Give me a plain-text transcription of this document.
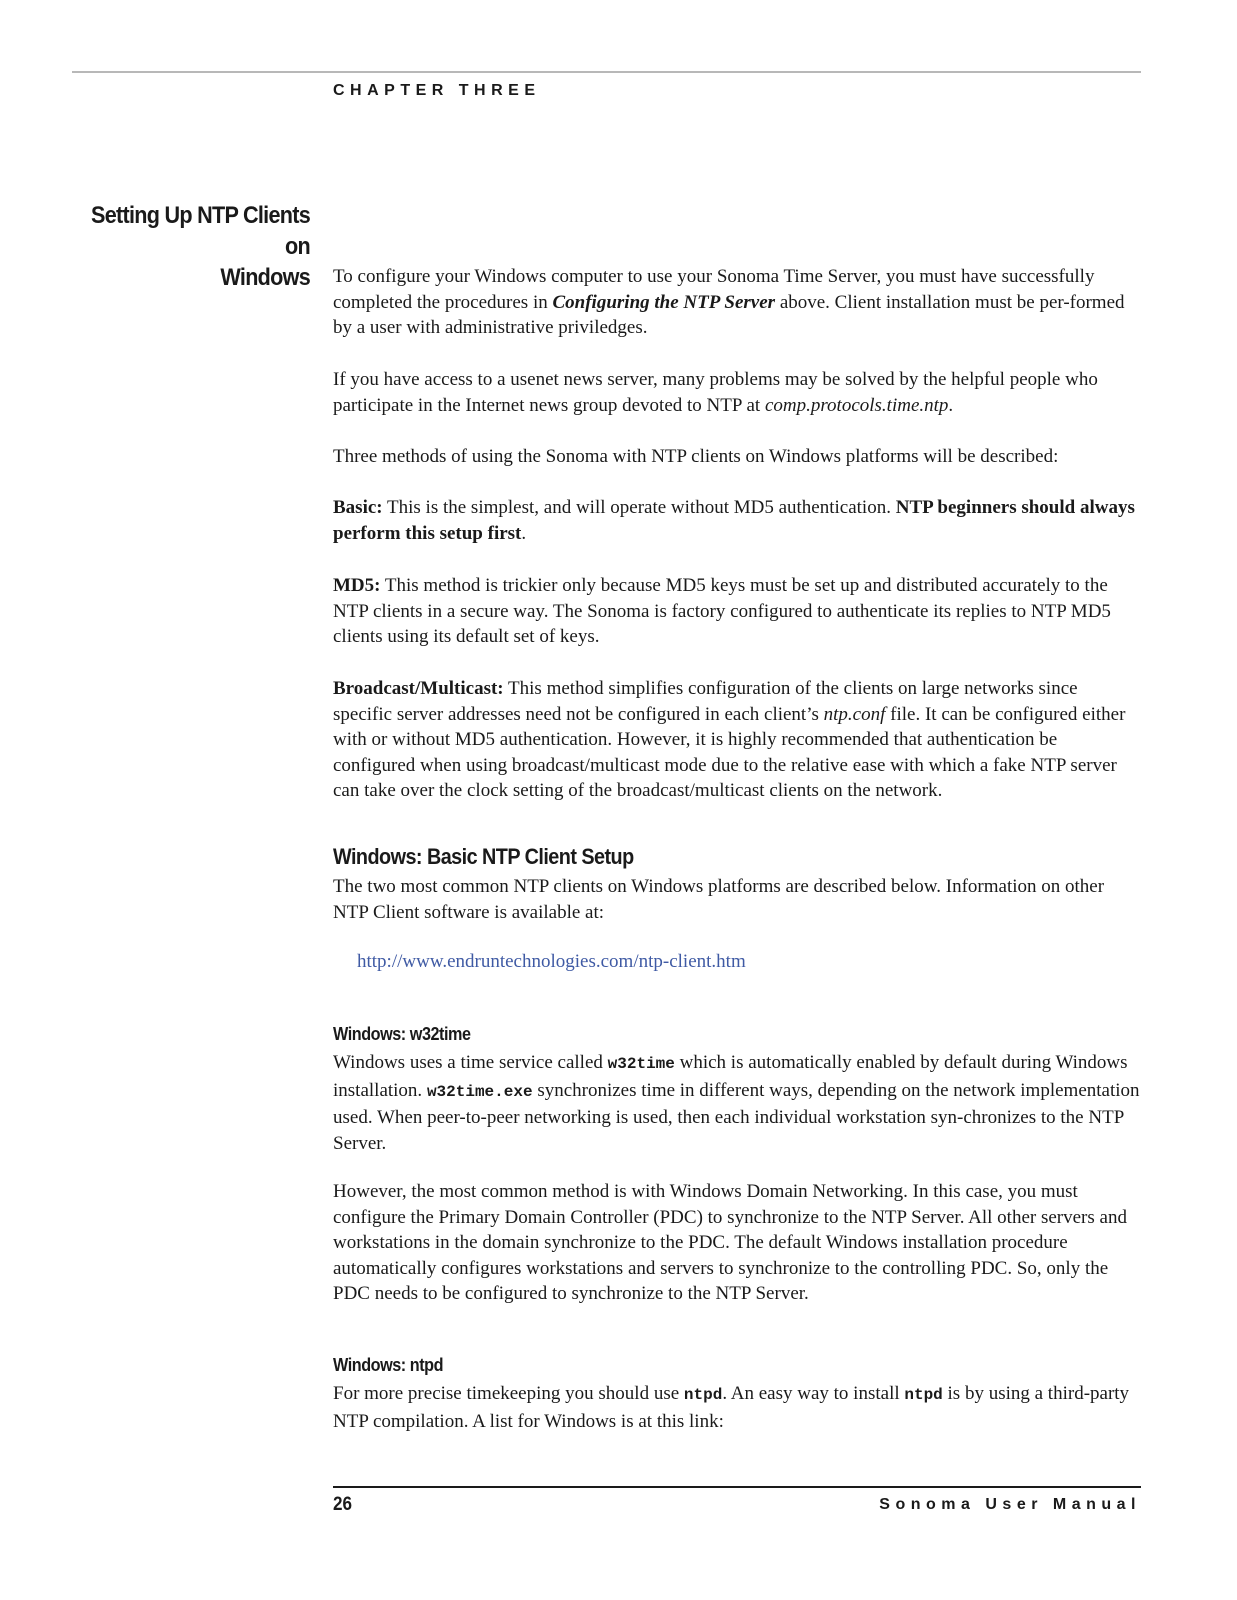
CHAPTER THREE
Setting Up NTP Clients on
Windows To configure your Windows computer to use your Sonoma Time Server, you must have successfully completed the procedures in Configuring the NTP Server above. Client installation must be per-formed by a user with administrative priviledges.

If you have access to a usenet news server, many problems may be solved by the helpful people who participate in the Internet news group devoted to NTP at comp.protocols.time.ntp.

Three methods of using the Sonoma with NTP clients on Windows platforms will be described:

Basic: This is the simplest, and will operate without MD5 authentication. NTP beginners should always perform this setup first.

MD5: This method is trickier only because MD5 keys must be set up and distributed accurately to the NTP clients in a secure way. The Sonoma is factory configured to authenticate its replies to NTP MD5 clients using its default set of keys.

Broadcast/Multicast: This method simplifies configuration of the clients on large networks since specific server addresses need not be configured in each client’s ntp.conf file. It can be configured either with or without MD5 authentication. However, it is highly recommended that authentication be configured when using broadcast/multicast mode due to the relative ease with which a fake NTP server can take over the clock setting of the broadcast/multicast clients on the network.

Windows: Basic NTP Client Setup

The two most common NTP clients on Windows platforms are described below. Information on other NTP Client software is available at:

http://www.endruntechnologies.com/ntp-client.htm
Windows: w32time

Windows uses a time service called w32time which is automatically enabled by default during Windows installation. w32time.exe synchronizes time in different ways, depending on the network implementation used. When peer-to-peer networking is used, then each individual workstation syn-chronizes to the NTP Server.

However, the most common method is with Windows Domain Networking. In this case, you must configure the Primary Domain Controller (PDC) to synchronize to the NTP Server. All other servers and workstations in the domain synchronize to the PDC. The default Windows installation procedure automatically configures workstations and servers to synchronize to the controlling PDC. So, only the PDC needs to be configured to synchronize to the NTP Server.

Windows: ntpd

For more precise timekeeping you should use ntpd. An easy way to install ntpd is by using a third-party NTP compilation. A list for Windows is at this link:

26	Sonoma User Manual
